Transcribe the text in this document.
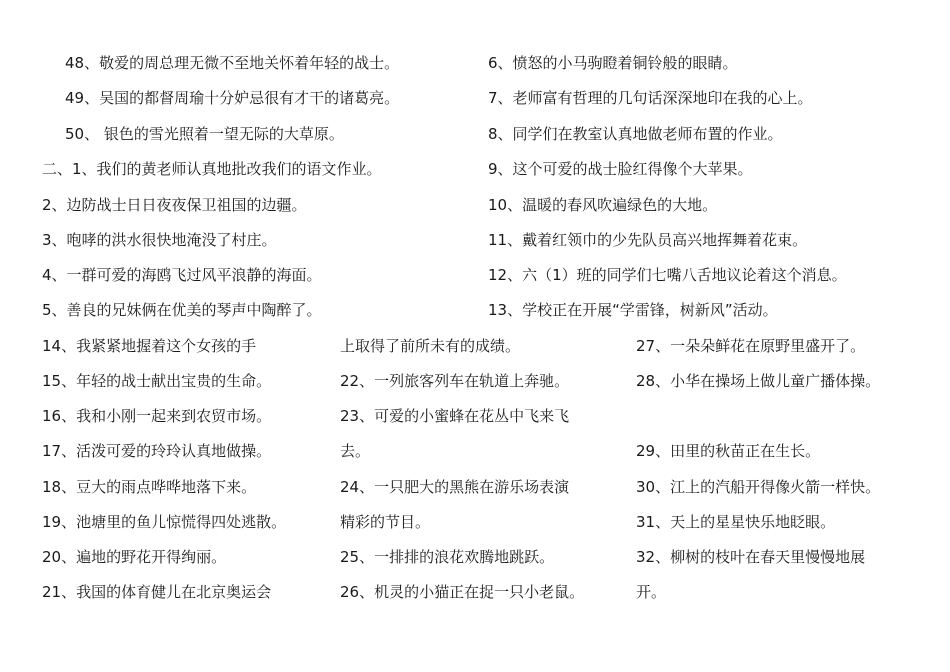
48、敬爱的周总理无微不至地关怀着年轻的战士。
49、吴国的都督周瑜十分妒忌很有才干的诸葛亮。
50、 银色的雪光照着一望无际的大草原。
二、1、我们的黄老师认真地批改我们的语文作业。
2、边防战士日日夜夜保卫祖国的边疆。
3、咆哮的洪水很快地淹没了村庄。
4、一群可爱的海鸥飞过风平浪静的海面。
5、善良的兄妹俩在优美的琴声中陶醉了。
6、愤怒的小马驹瞪着铜铃般的眼睛。
7、老师富有哲理的几句话深深地印在我的心上。
8、同学们在教室认真地做老师布置的作业。
9、这个可爱的战士脸红得像个大苹果。
10、温暖的春风吹遍绿色的大地。
11、戴着红领巾的少先队员高兴地挥舞着花束。
12、六（1）班的同学们七嘴八舌地议论着这个消息。
13、学校正在开展“学雷锋，树新风”活动。
14、我紧紧地握着这个女孩的手
15、年轻的战士献出宝贵的生命。
16、我和小刚一起来到农贸市场。
17、活泼可爱的玲玲认真地做操。
18、豆大的雨点哗哗地落下来。
19、池塘里的鱼儿惊慌得四处逃散。
20、遍地的野花开得绚丽。
21、我国的体育健儿在北京奥运会
上取得了前所未有的成绩。
22、一列旅客列车在轨道上奔驰。
23、可爱的小蜜蜂在花丛中飞来飞
去。
24、一只肥大的黑熊在游乐场表演
精彩的节目。
25、一排排的浪花欢腾地跳跃。
26、机灵的小猫正在捉一只小老鼠。
27、一朵朵鲜花在原野里盛开了。
28、小华在操场上做儿童广播体操。
29、田里的秋苗正在生长。
30、江上的汽船开得像火箭一样快。
31、天上的星星快乐地眨眼。
32、柳树的枝叶在春天里慢慢地展
开。
